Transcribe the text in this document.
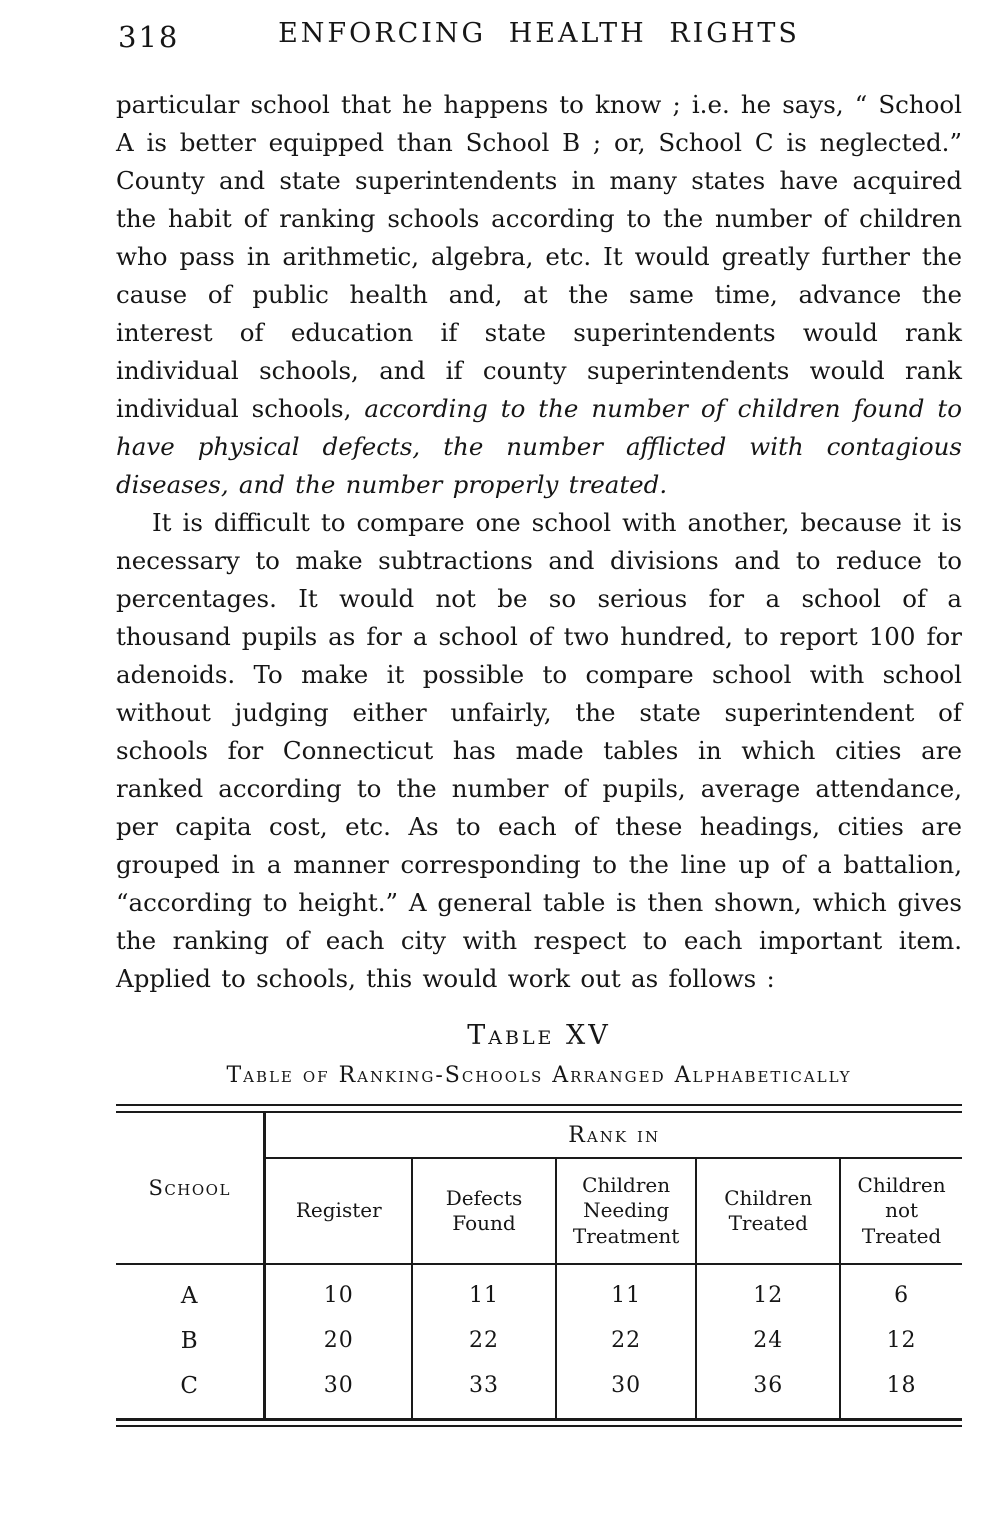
318	ENFORCING HEALTH RIGHTS

particular school that he happens to know ; i.e. he says, “ School A is better equipped than School B ; or, School C is neglected.” County and state superintendents in many states have acquired the habit of ranking schools according to the number of children who pass in arithmetic, algebra, etc. It would greatly further the cause of public health and, at the same time, advance the interest of education if state superintendents would rank individual schools, and if county superintendents would rank individual schools, according to the number of children found to have physical defects, the number afflicted with contagious diseases, and the number properly treated.

It is difficult to compare one school with another, because it is necessary to make subtractions and divisions and to reduce to percentages. It would not be so serious for a school of a thousand pupils as for a school of two hundred, to report 100 for adenoids. To make it possible to compare school with school without judging either unfairly, the state superintendent of schools for Connecticut has made tables in which cities are ranked according to the number of pupils, average attendance, per capita cost, etc. As to each of these headings, cities are grouped in a manner corresponding to the line up of a battalion, “according to height.” A general table is then shown, which gives the ranking of each city with respect to each important item. Applied to schools, this would work out as follows :

Table XV
Table of Ranking-Schools Arranged Alphabetically
School	Rank in				
	Register	Defects Found	Children Needing Treatment	Children Treated	Children not Treated
A	10	11	11	12	6
B	20	22	22	24	12
C	30	33	30	36	18
